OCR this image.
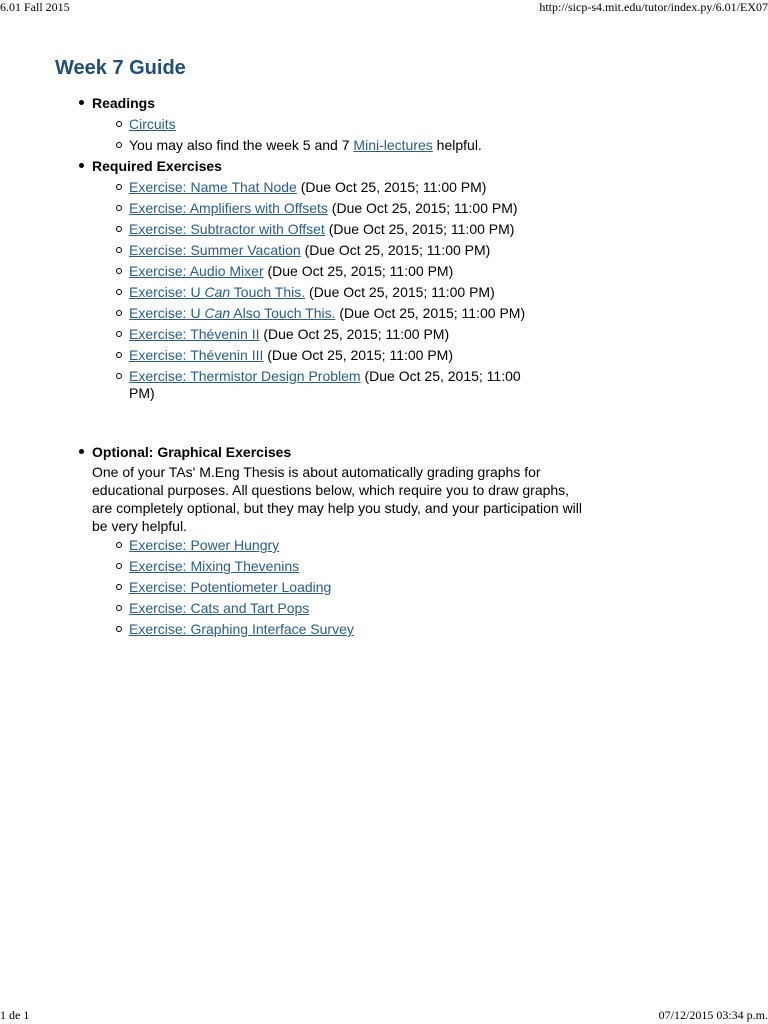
6.01 Fall 2015	http://sicp-s4.mit.edu/tutor/index.py/6.01/EX07
Week 7 Guide
Readings
Circuits
You may also find the week 5 and 7 Mini-lectures helpful.
Required Exercises
Exercise: Name That Node (Due Oct 25, 2015; 11:00 PM)
Exercise: Amplifiers with Offsets (Due Oct 25, 2015; 11:00 PM)
Exercise: Subtractor with Offset (Due Oct 25, 2015; 11:00 PM)
Exercise: Summer Vacation (Due Oct 25, 2015; 11:00 PM)
Exercise: Audio Mixer (Due Oct 25, 2015; 11:00 PM)
Exercise: U Can Touch This. (Due Oct 25, 2015; 11:00 PM)
Exercise: U Can Also Touch This. (Due Oct 25, 2015; 11:00 PM)
Exercise: Thévenin II (Due Oct 25, 2015; 11:00 PM)
Exercise: Thévenin III (Due Oct 25, 2015; 11:00 PM)
Exercise: Thermistor Design Problem (Due Oct 25, 2015; 11:00 PM)
Optional: Graphical Exercises
One of your TAs' M.Eng Thesis is about automatically grading graphs for educational purposes. All questions below, which require you to draw graphs, are completely optional, but they may help you study, and your participation will be very helpful.
Exercise: Power Hungry
Exercise: Mixing Thevenins
Exercise: Potentiometer Loading
Exercise: Cats and Tart Pops
Exercise: Graphing Interface Survey
1 de 1	07/12/2015 03:34 p.m.
